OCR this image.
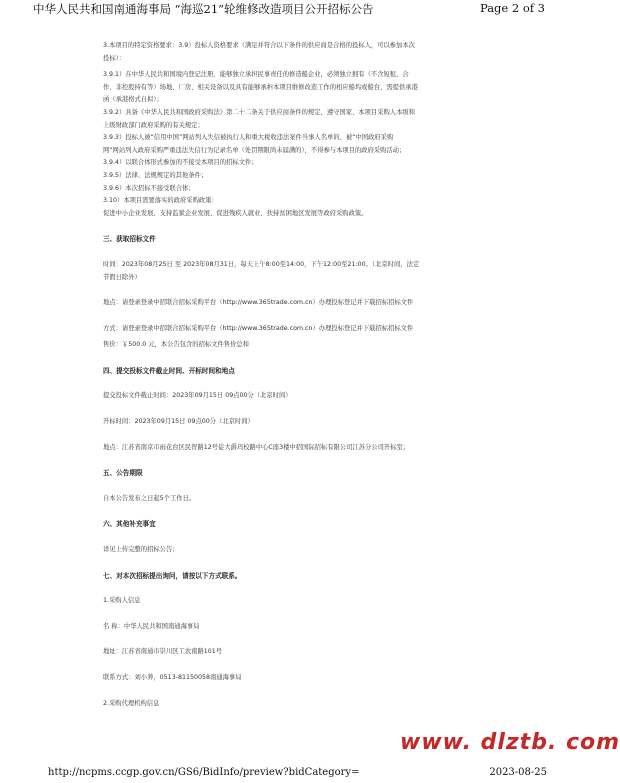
中华人民共和国南通海事局 “海巡21”轮维修改造项目公开招标公告	Page 2 of 3

3.本项目的特定资格要求：3.9）投标人资格要求（满足并符合以下条件的供应商是合格的投标人，可以参加本次

投标）：

3.9.1）在中华人民共和国境内登记注册，能够独立承担民事责任的修造船企业，必须独立拥有（不含短租、合

作、非控股持有等）场地、厂房、相关设备以及具有能够承担本项目维修改造工作的相应船坞或船台，需提供承港

函（承港格式自拟）；

3.9.2）具备《中华人民共和国政府采购法》第二十二条关于供应商条件的规定，遵守国家、本项目采购人本级和

上级财政部门政府采购的有关规定；

3.9.3）投标人被“信用中国”网站列入失信被执行人和重大税收违法案件当事人名单的、被“中国政府采购

网”网站列入政府采购严重违法失信行为记录名单（处罚期限尚未届满的），不得参与本项目的政府采购活动；

3.9.4）以联合体形式参加的不接受本项目的招标文件；

3.9.5）法律、法规规定的其他条件；

3.9.6）本次招标不接受联合体；

3.10）本项目需要落实的政府采购政策：

促进中小企业发展、支持监狱企业发展、促进残疾人就业、扶持贫困地区发展等政府采购政策。

三、获取招标文件

时间：2023年08月25日 至 2023年08月31日，每天上午8:00至14:00，下午12:00至21:00。（北京时间，法定

节假日除外）

地点：请登录登录中招联合招标采购平台（http://www.365trade.com.cn）办理投标登记并下载招标招标文件

方式：请登录登录中招联合招标采购平台（http://www.365trade.com.cn）办理投标登记并下载招标招标文件

售价：￥500.0 元，本公告包含的招标文件售价总和

四、提交投标文件截止时间、开标时间和地点

提交投标文件截止时间：2023年09月15日 09点00分（北京时间）

开标时间：2023年09月15日 09点00分（北京时间）

地点：江苏省南京市雨花台区民智路12号徒大爵玛校路中心C座3楼中招国际招标有限公司江苏分公司开标室；

五、公告期限

自本公告发布之日起5个工作日。

六、其他补充事宜

详见上传完整的招标公告；

七、对本次招标提出询问，请按以下方式联系。

1.采购人信息

名 称：中华人民共和国南通海事局

地址：江苏省南通市崇川区工农南路101号

联系方式：刘小养，0513-81150058南通海事局

2.采购代理机构信息

www. dlztb. com
http://ncpms.ccgp.gov.cn/GS6/BidInfo/preview?bidCategory=	2023-08-25
